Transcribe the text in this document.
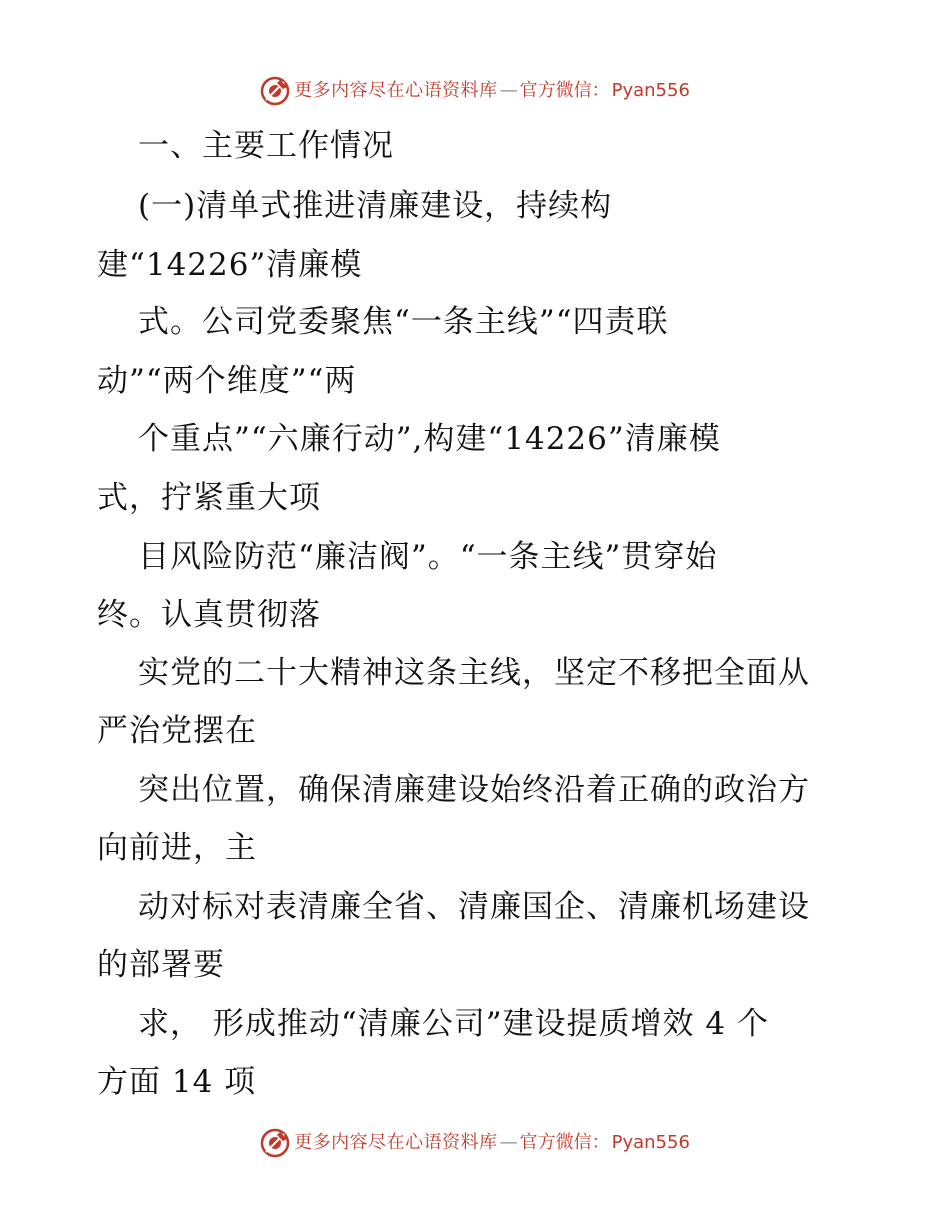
更多内容尽在心语资料库 — 官方微信： Pyan556
一、主要工作情况
(一)清单式推进清廉建设，持续构
建“14226”清廉模
式。公司党委聚焦“一条主线”“四责联
动”“两个维度”“两
个重点”“六廉行动”,构建“14226”清廉模
式，拧紧重大项
目风险防范“廉洁阀”。“一条主线”贯穿始
终。认真贯彻落
实党的二十大精神这条主线，坚定不移把全面从
严治党摆在
突出位置，确保清廉建设始终沿着正确的政治方
向前进，主
动对标对表清廉全省、清廉国企、清廉机场建设
的部署要
求， 形成推动“清廉公司”建设提质增效 4 个
方面 14 项
更多内容尽在心语资料库 — 官方微信： Pyan556
